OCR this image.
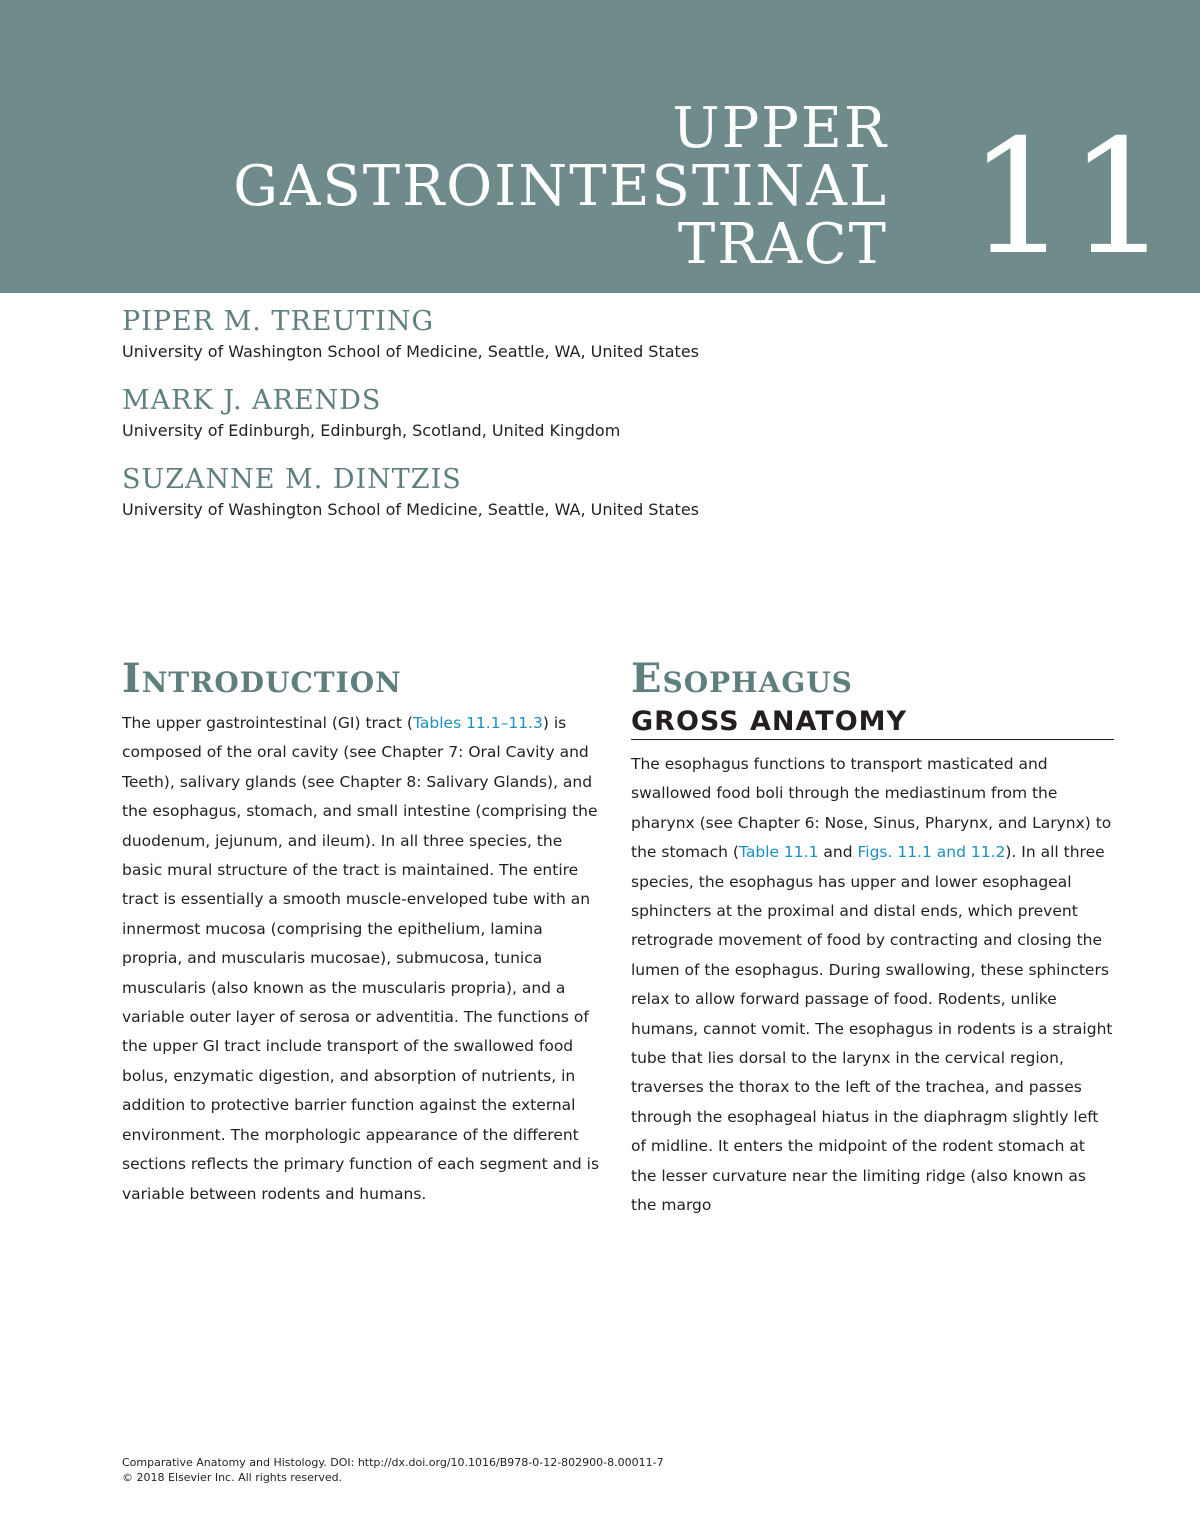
UPPER
GASTROINTESTINAL
TRACT 11
PIPER M. TREUTING
University of Washington School of Medicine, Seattle, WA, United States
MARK J. ARENDS
University of Edinburgh, Edinburgh, Scotland, United Kingdom
SUZANNE M. DINTZIS
University of Washington School of Medicine, Seattle, WA, United States
Introduction

The upper gastrointestinal (GI) tract (Tables 11.1–11.3) is composed of the oral cavity (see Chapter 7: Oral Cavity and Teeth), salivary glands (see Chapter 8: Salivary Glands), and the esophagus, stomach, and small intestine (comprising the duodenum, jejunum, and ileum). In all three species, the basic mural structure of the tract is maintained. The entire tract is essentially a smooth muscle-enveloped tube with an innermost mucosa (comprising the epithelium, lamina propria, and muscularis mucosae), submucosa, tunica muscularis (also known as the muscularis propria), and a variable outer layer of serosa or adventitia. The functions of the upper GI tract include transport of the swallowed food bolus, enzymatic digestion, and absorption of nutrients, in addition to protective barrier function against the external environment. The morphologic appearance of the different sections reflects the primary function of each segment and is variable between rodents and humans.

Esophagus
GROSS ANATOMY

The esophagus functions to transport masticated and swallowed food boli through the mediastinum from the pharynx (see Chapter 6: Nose, Sinus, Pharynx, and Larynx) to the stomach (Table 11.1 and Figs. 11.1 and 11.2). In all three species, the esophagus has upper and lower esophageal sphincters at the proximal and distal ends, which prevent retrograde movement of food by contracting and closing the lumen of the esophagus. During swallowing, these sphincters relax to allow forward passage of food. Rodents, unlike humans, cannot vomit. The esophagus in rodents is a straight tube that lies dorsal to the larynx in the cervical region, traverses the thorax to the left of the trachea, and passes through the esophageal hiatus in the diaphragm slightly left of midline. It enters the midpoint of the rodent stomach at the lesser curvature near the limiting ridge (also known as the margo

Comparative Anatomy and Histology. DOI: http://dx.doi.org/10.1016/B978-0-12-802900-8.00011-7
© 2018 Elsevier Inc. All rights reserved.
